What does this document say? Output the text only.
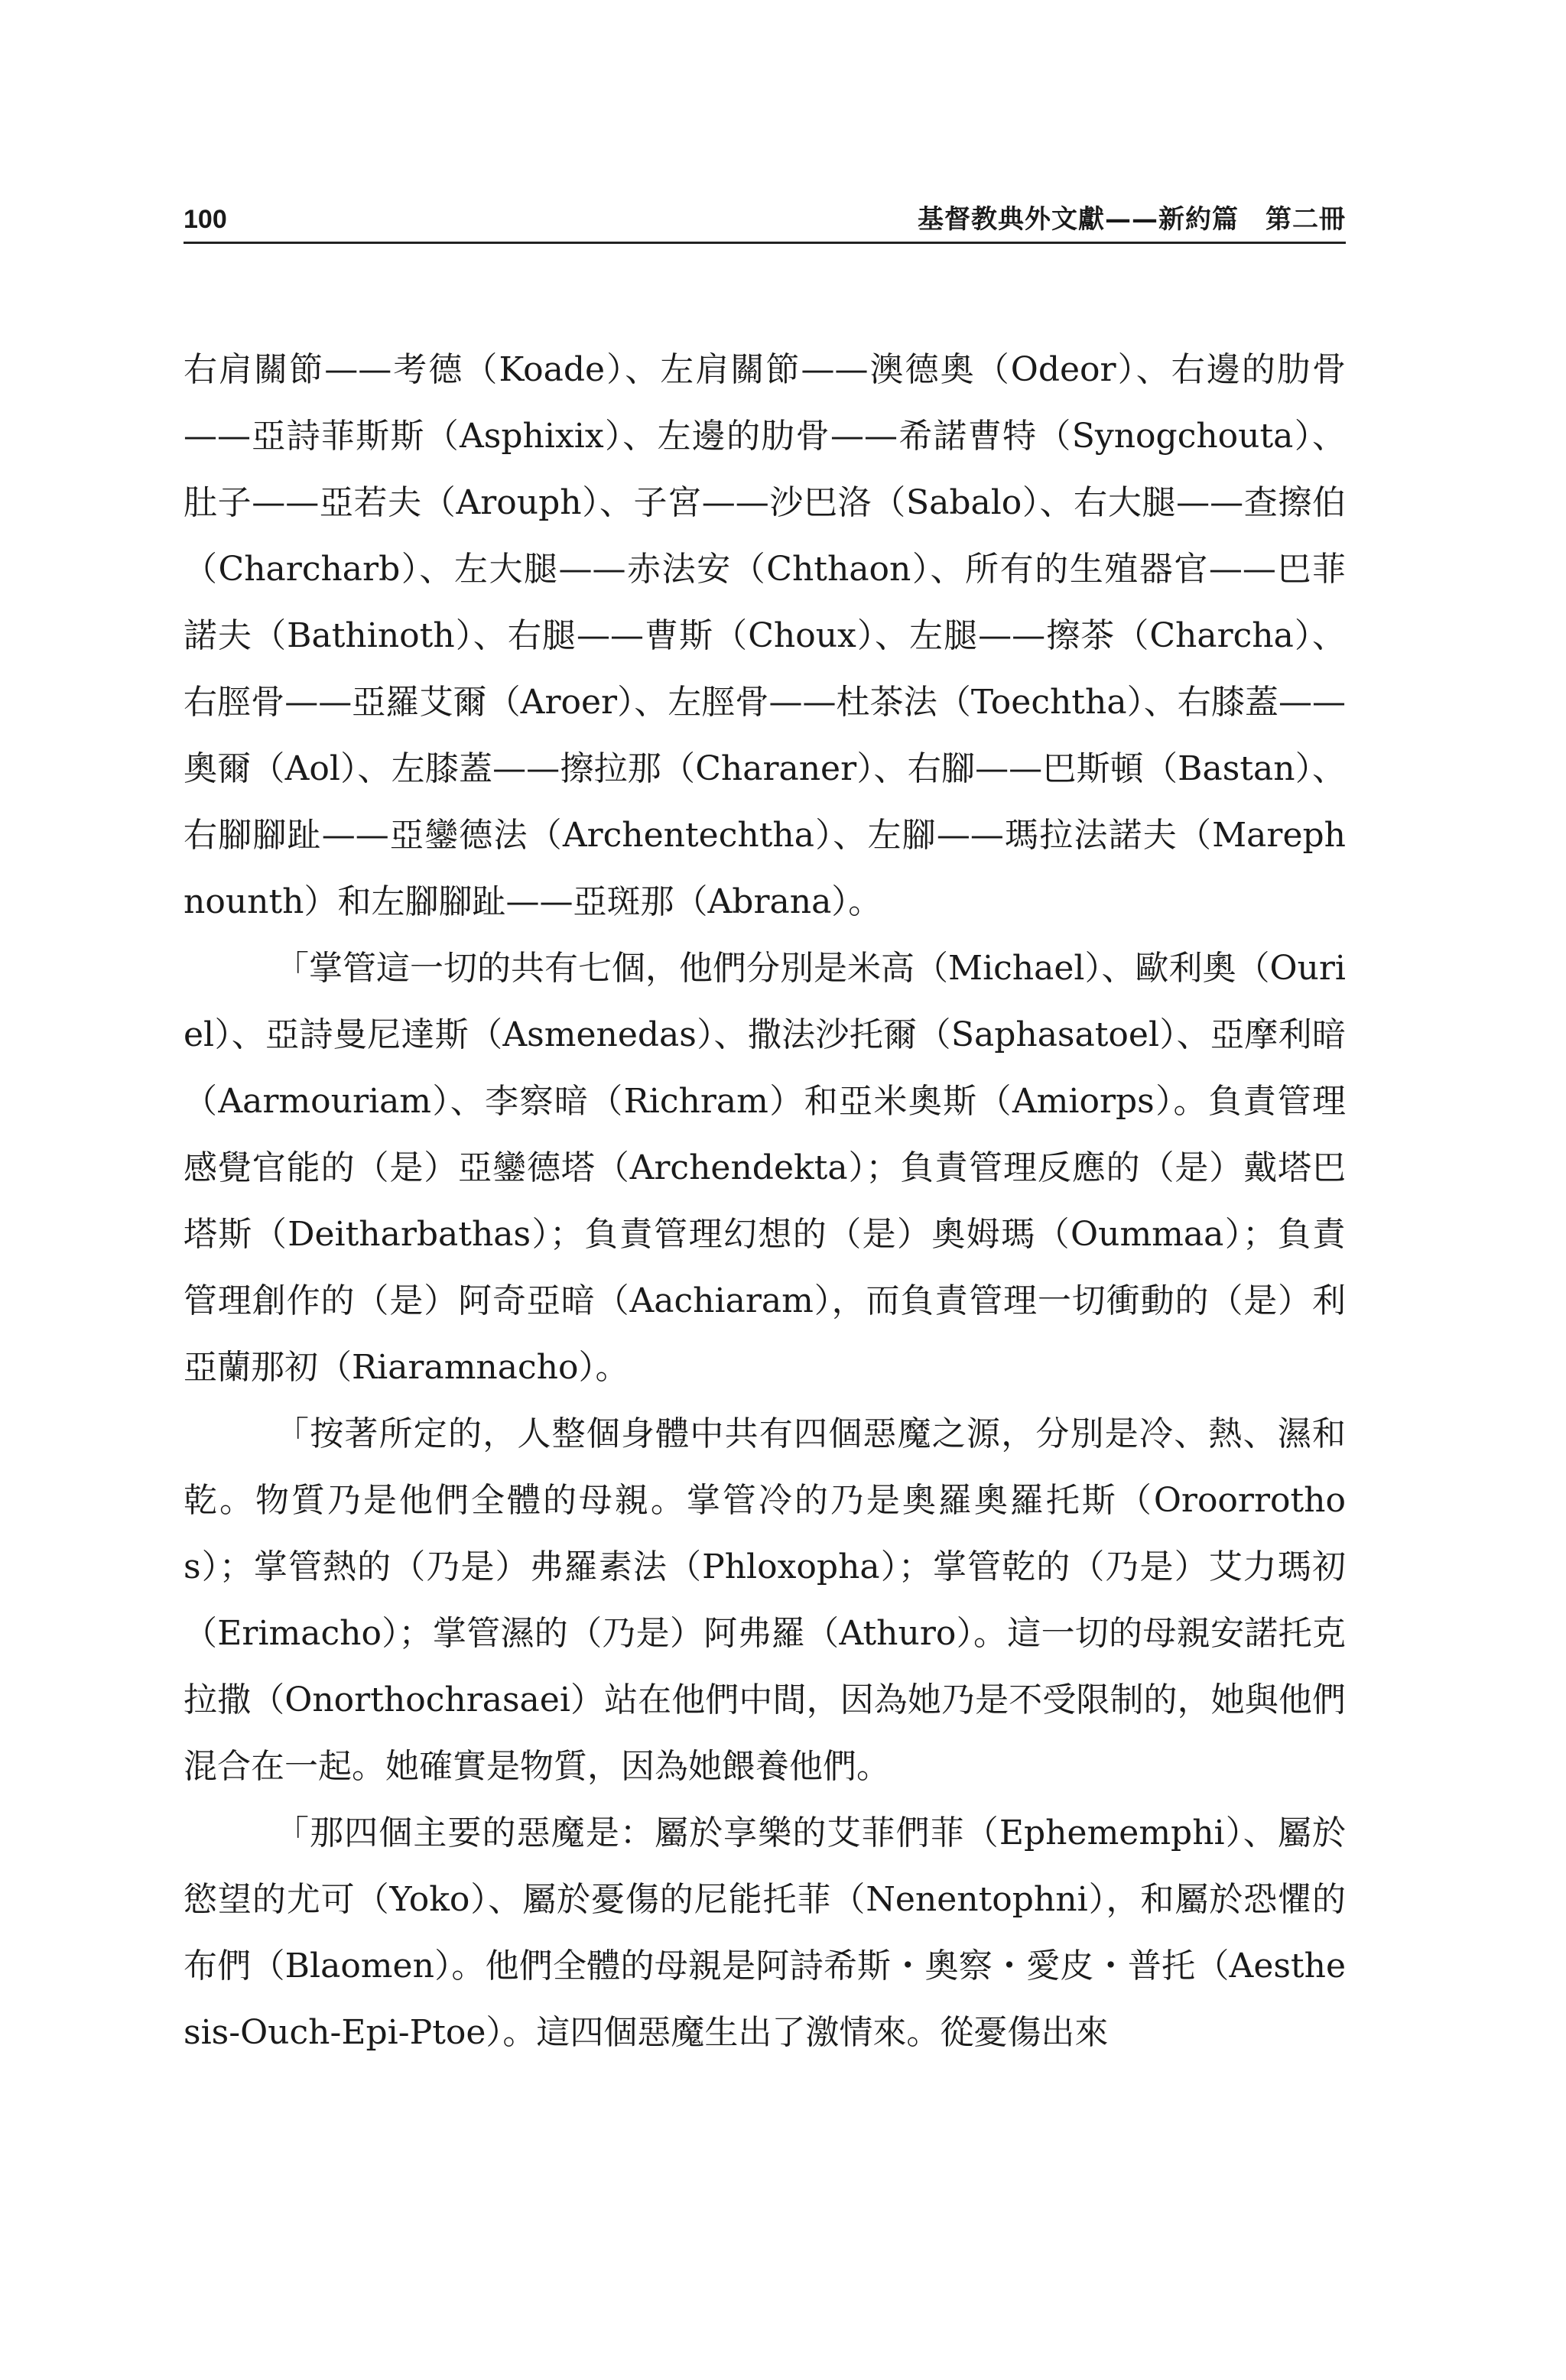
100	基督教典外文獻——新約篇　第二冊

右肩關節——考德（Koade）、左肩關節——澳德奧（Odeor）、右邊的肋骨——亞詩菲斯斯（Asphixix）、左邊的肋骨——希諾曹特（Synogchouta）、肚子——亞若夫（Arouph）、子宮——沙巴洛（Sabalo）、右大腿——查擦伯（Charcharb）、左大腿——赤法安（Chthaon）、所有的生殖器官——巴菲諾夫（Bathinoth）、右腿——曹斯（Choux）、左腿——擦茶（Charcha）、右脛骨——亞羅艾爾（Aroer）、左脛骨——杜茶法（Toechtha）、右膝蓋——奧爾（Aol）、左膝蓋——擦拉那（Charaner）、右腳——巴斯頓（Bastan）、右腳腳趾——亞鑾德法（Archentechtha）、左腳——瑪拉法諾夫（Marephnounth）和左腳腳趾——亞斑那（Abrana）。

「掌管這一切的共有七個，他們分別是米高（Michael）、歐利奧（Ouriel）、亞詩曼尼達斯（Asmenedas）、撒法沙托爾（Saphasatoel）、亞摩利暗（Aarmouriam）、李察暗（Richram）和亞米奧斯（Amiorps）。負責管理感覺官能的（是）亞鑾德塔（Archendekta）；負責管理反應的（是）戴塔巴塔斯（Deitharbathas）；負責管理幻想的（是）奧姆瑪（Oummaa）；負責管理創作的（是）阿奇亞暗（Aachiaram），而負責管理一切衝動的（是）利亞蘭那初（Riaramnacho）。

「按著所定的，人整個身體中共有四個惡魔之源，分別是冷、熱、濕和乾。物質乃是他們全體的母親。掌管冷的乃是奧羅奧羅托斯（Oroorrothos）；掌管熱的（乃是）弗羅素法（Phloxopha）；掌管乾的（乃是）艾力瑪初（Erimacho）；掌管濕的（乃是）阿弗羅（Athuro）。這一切的母親安諾托克拉撒（Onorthochrasaei）站在他們中間，因為她乃是不受限制的，她與他們混合在一起。她確實是物質，因為她餵養他們。

「那四個主要的惡魔是：屬於享樂的艾菲們菲（Ephememphi）、屬於慾望的尤可（Yoko）、屬於憂傷的尼能托菲（Nenentophni），和屬於恐懼的布們（Blaomen）。他們全體的母親是阿詩希斯・奧察・愛皮・普托（Aesthesis-Ouch-Epi-Ptoe）。這四個惡魔生出了激情來。從憂傷出來
